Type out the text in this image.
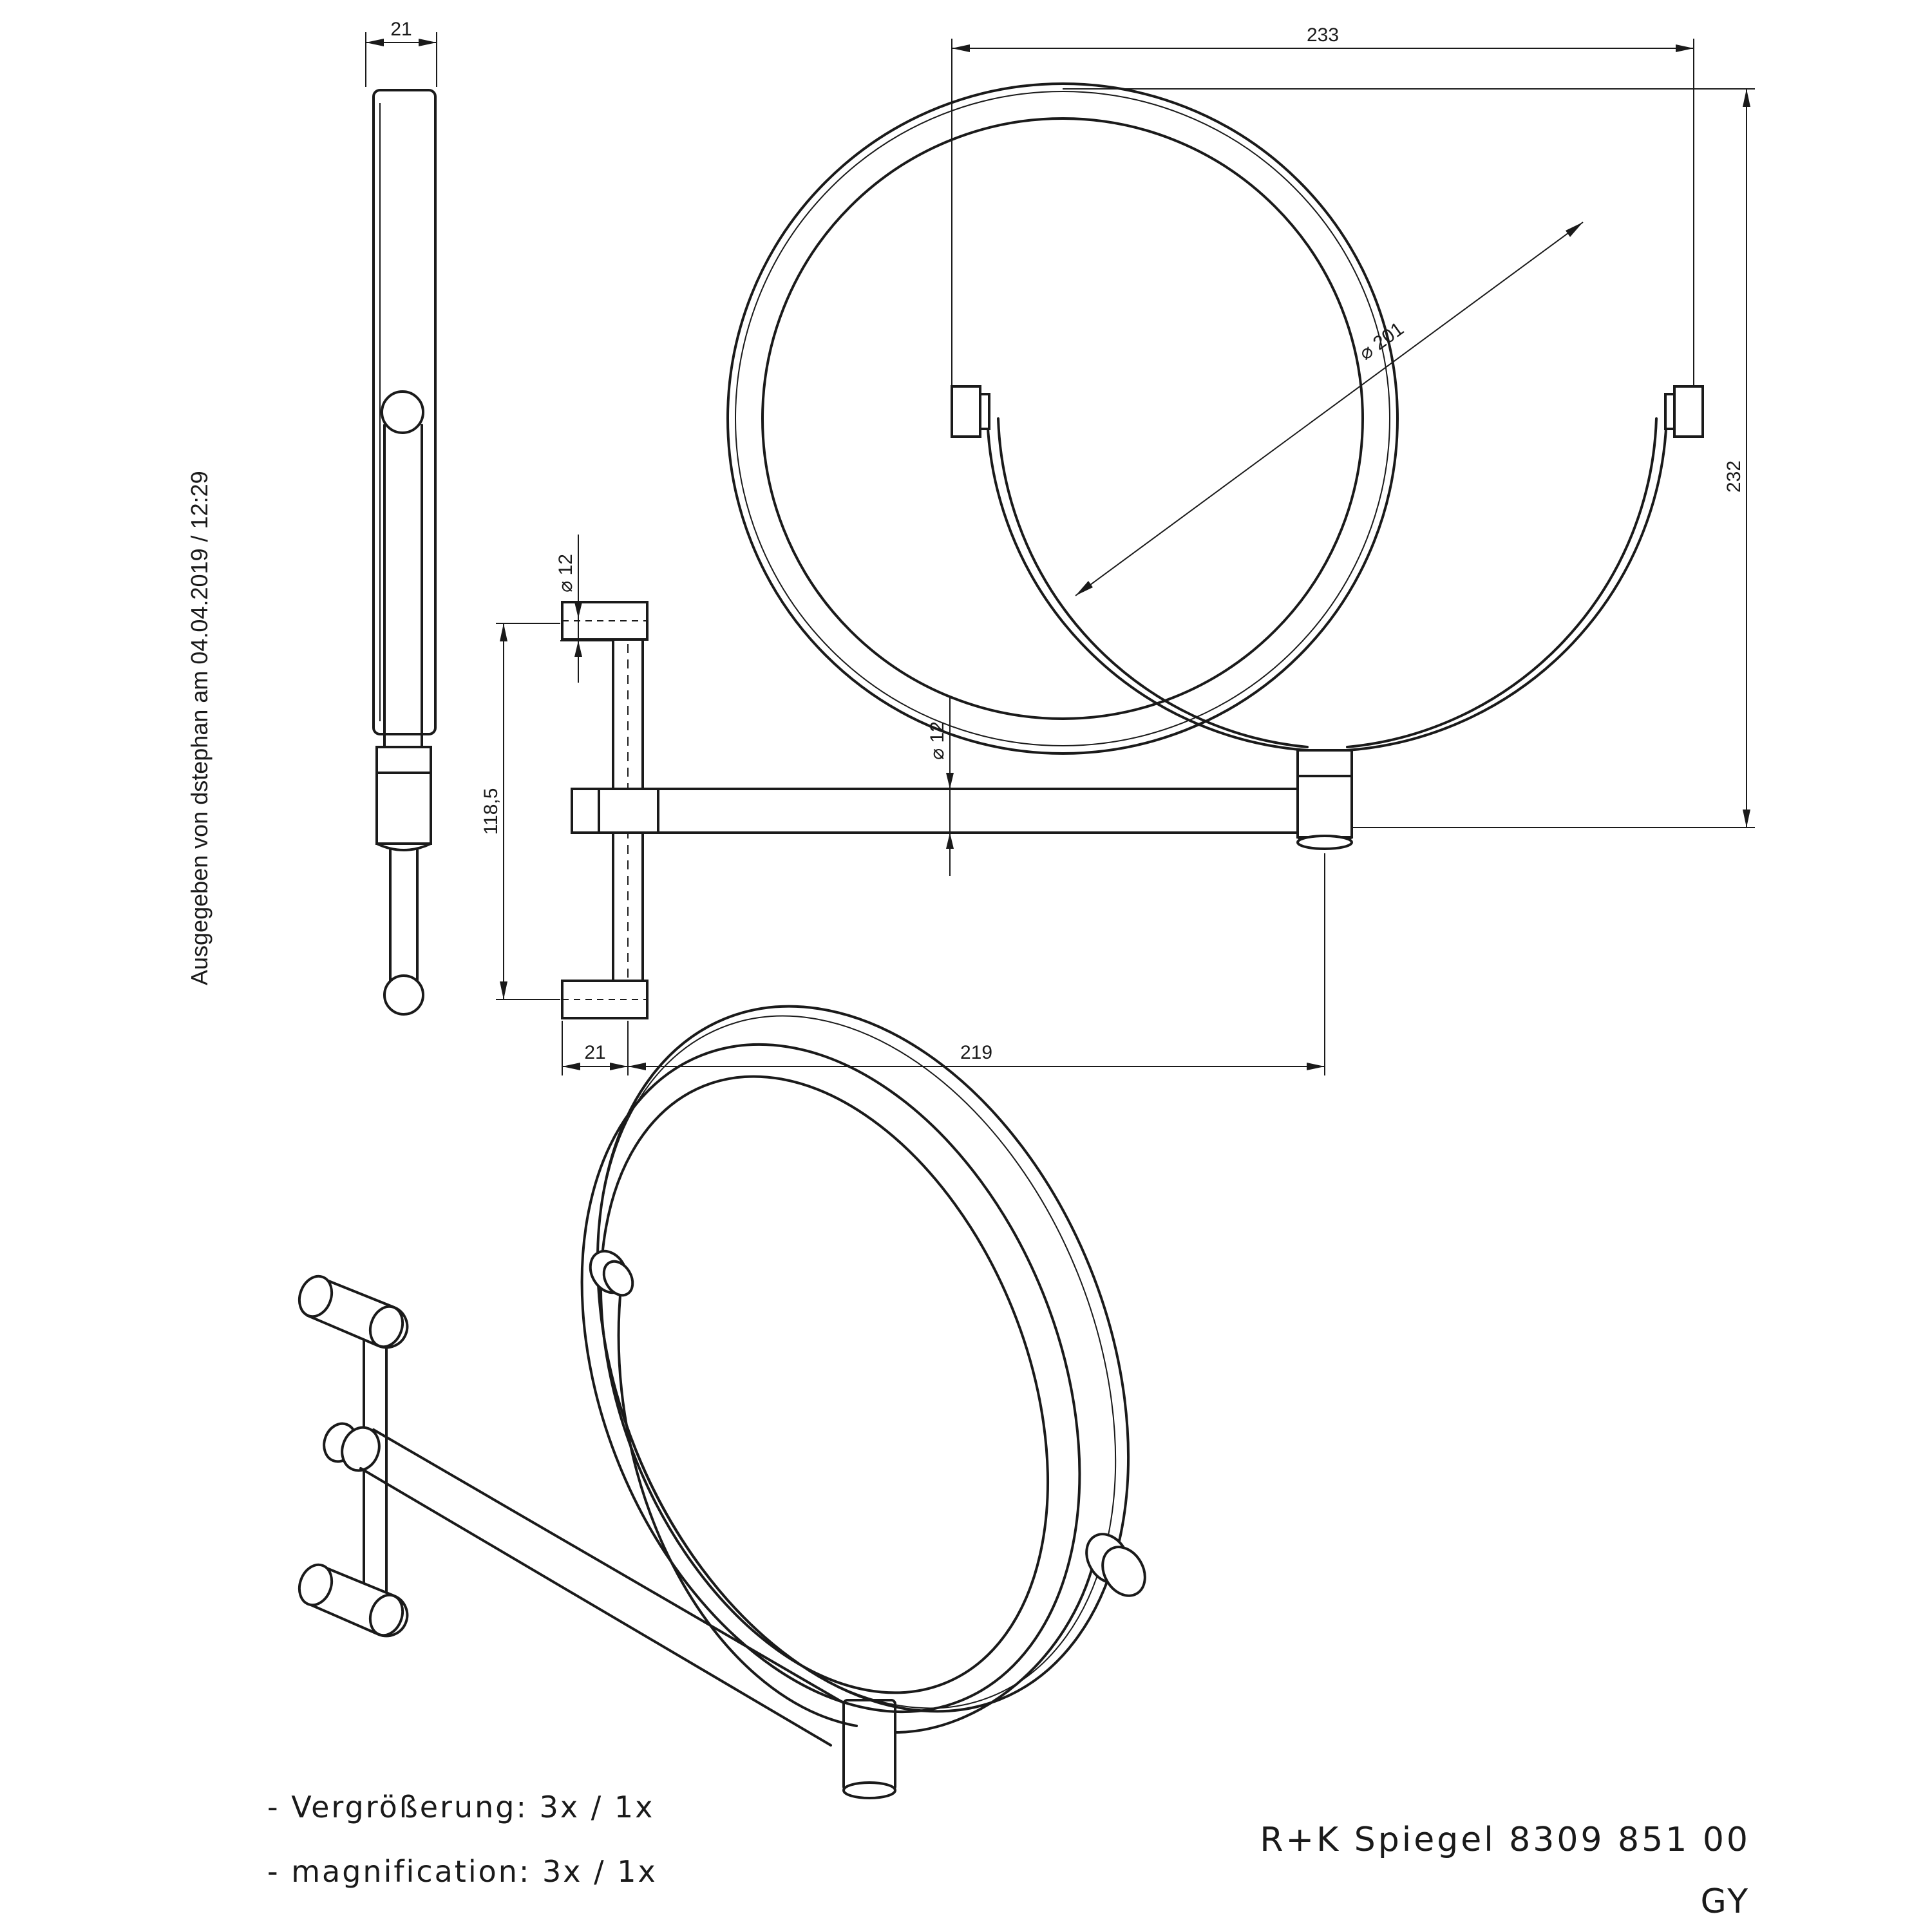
Ausgegeben von dstephan am 04.04.2019 / 12:29
21
⌀ 201
233
232
⌀ 12
⌀ 12
118,5
21	219
- Vergrößerung: 3x / 1x
- magnification: 3x / 1x
R+K Spiegel 8309 851 00
GY
